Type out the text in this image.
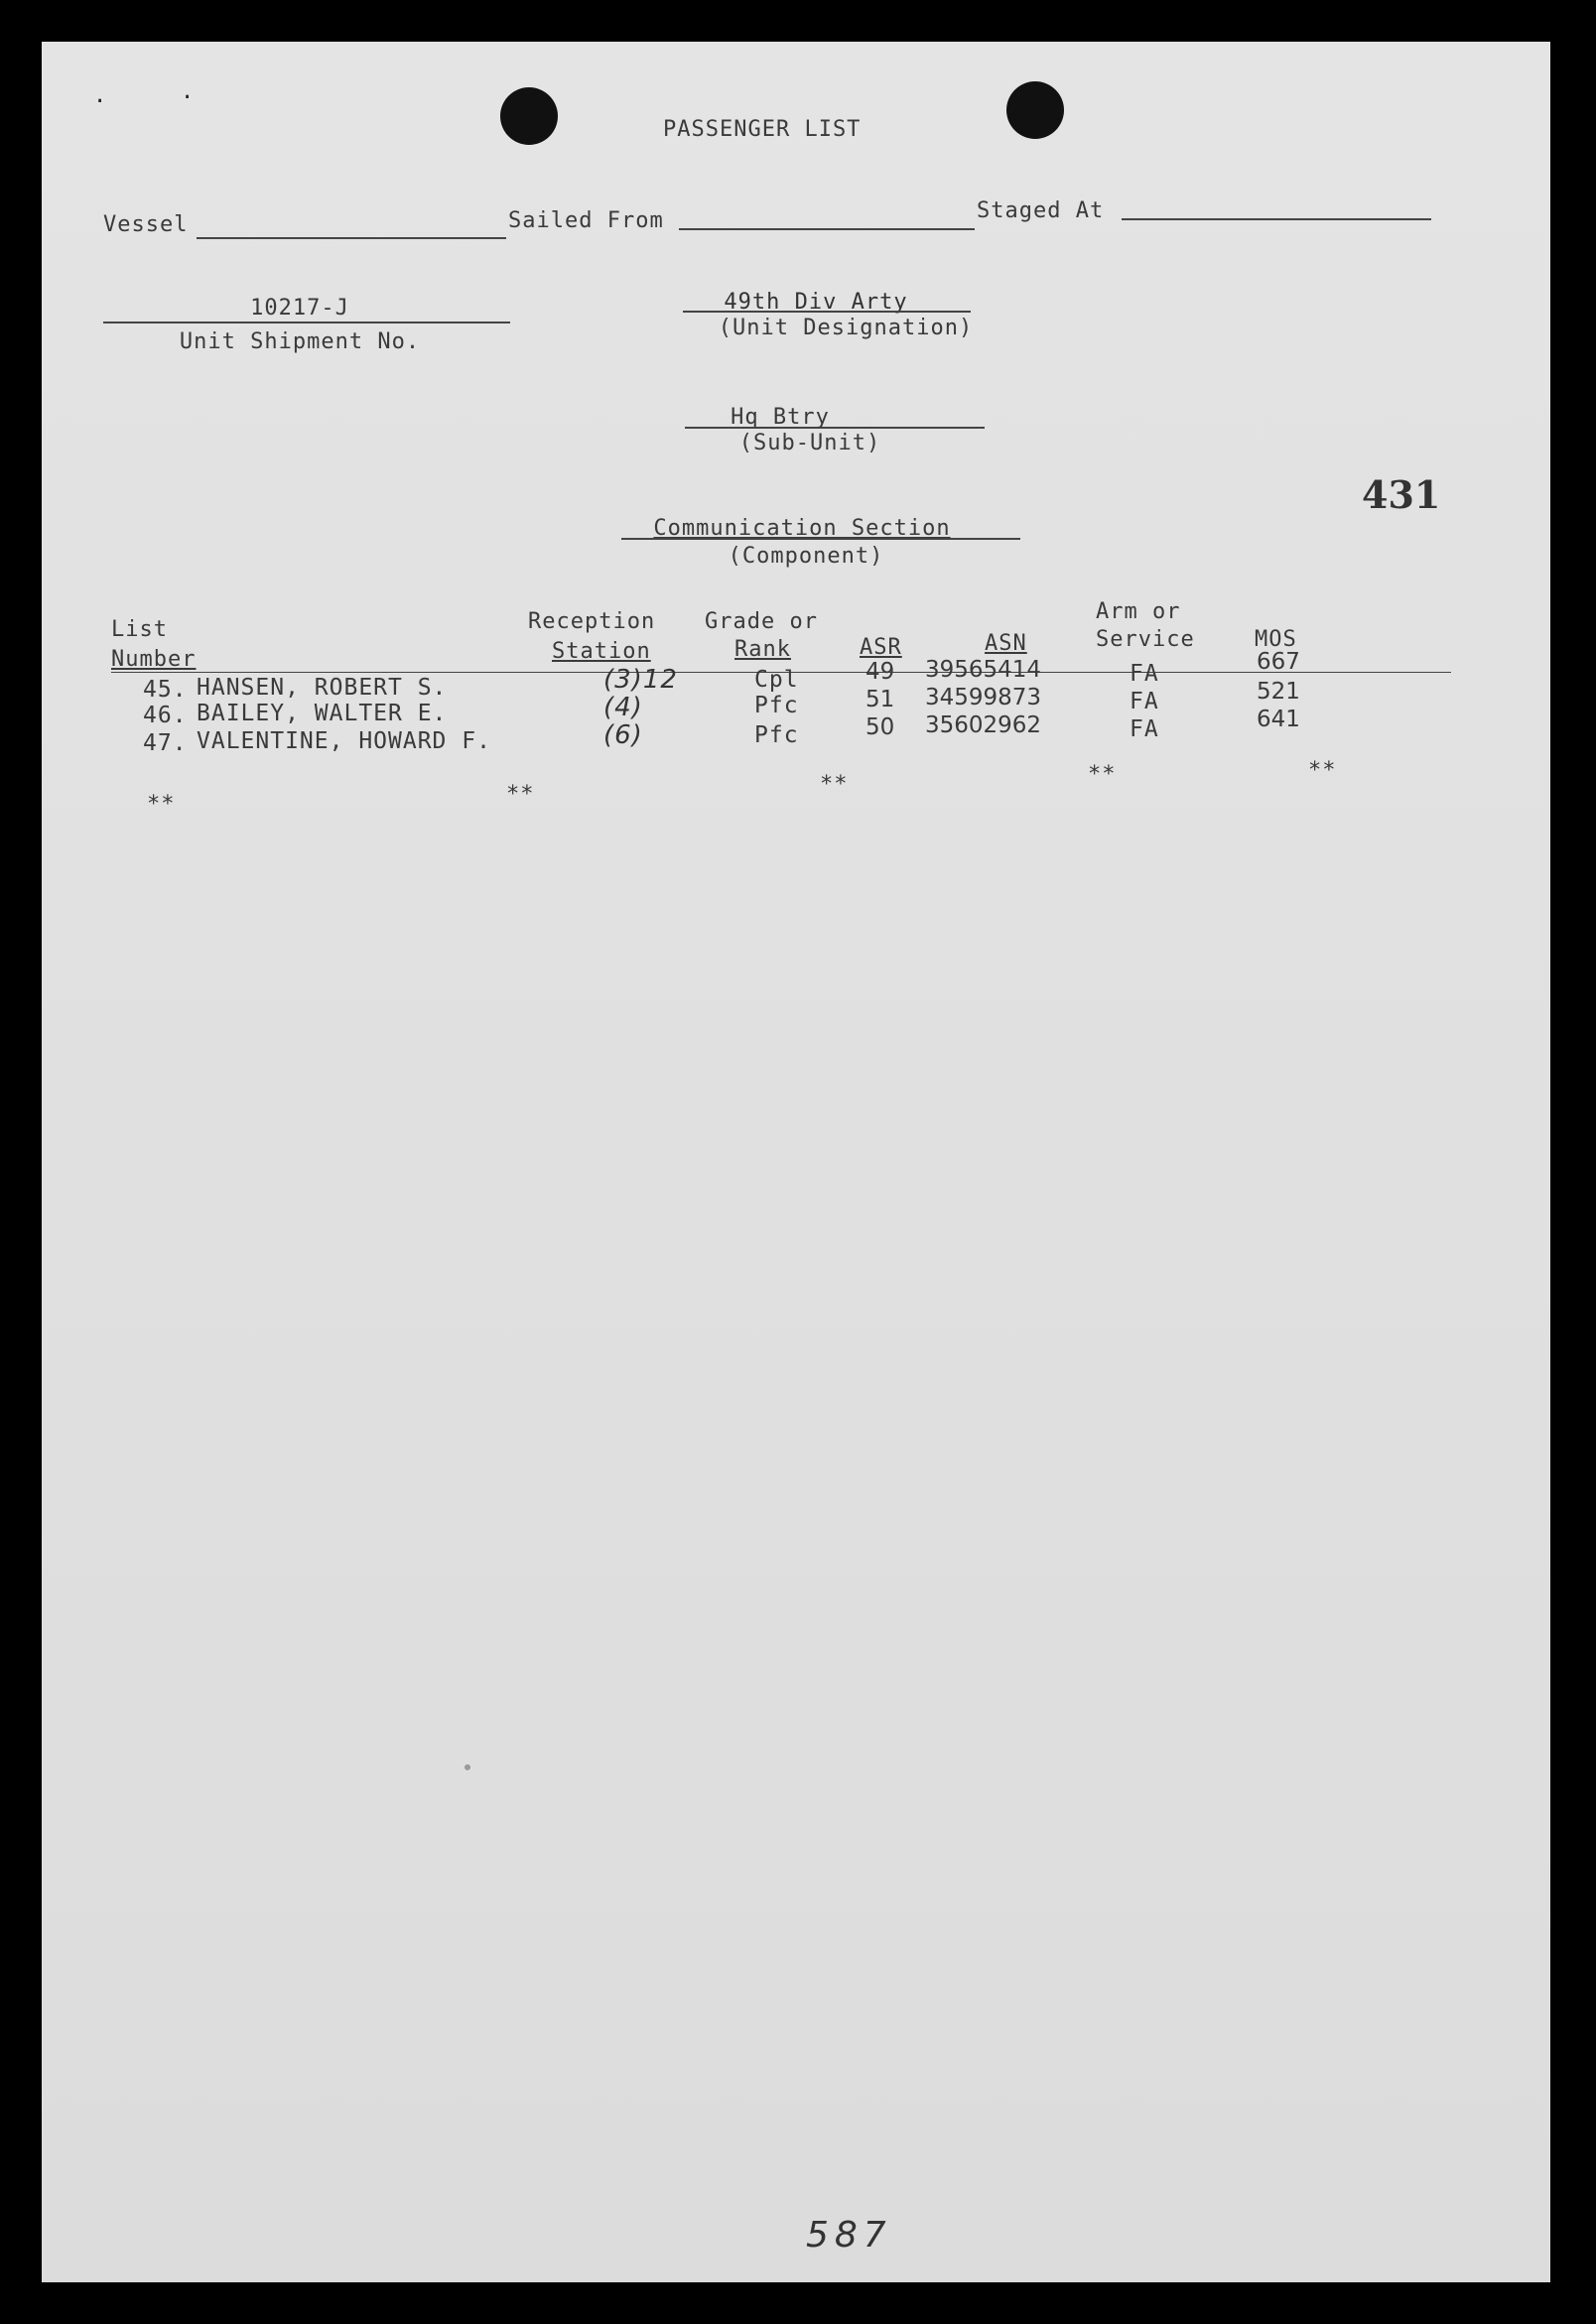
·	·
PASSENGER LIST
Vessel	Sailed From	Staged At
10217-J
Unit Shipment No.
49th Div Arty
(Unit Designation)
Hq Btry
(Sub-Unit)
431
Communication Section
(Component)
List
Number
Reception
Station
Grade or
Rank	ASR	ASN
Arm or
Service	MOS
45. HANSEN, ROBERT S.	(3)12	Cpl	49 39565414	FA	667
46. BAILEY, WALTER E.	(4)	Pfc	51 34599873	FA	521
47. VALENTINE, HOWARD F.	(6)	Pfc	50 35602962	FA	641
**	**	**	**	**
587
